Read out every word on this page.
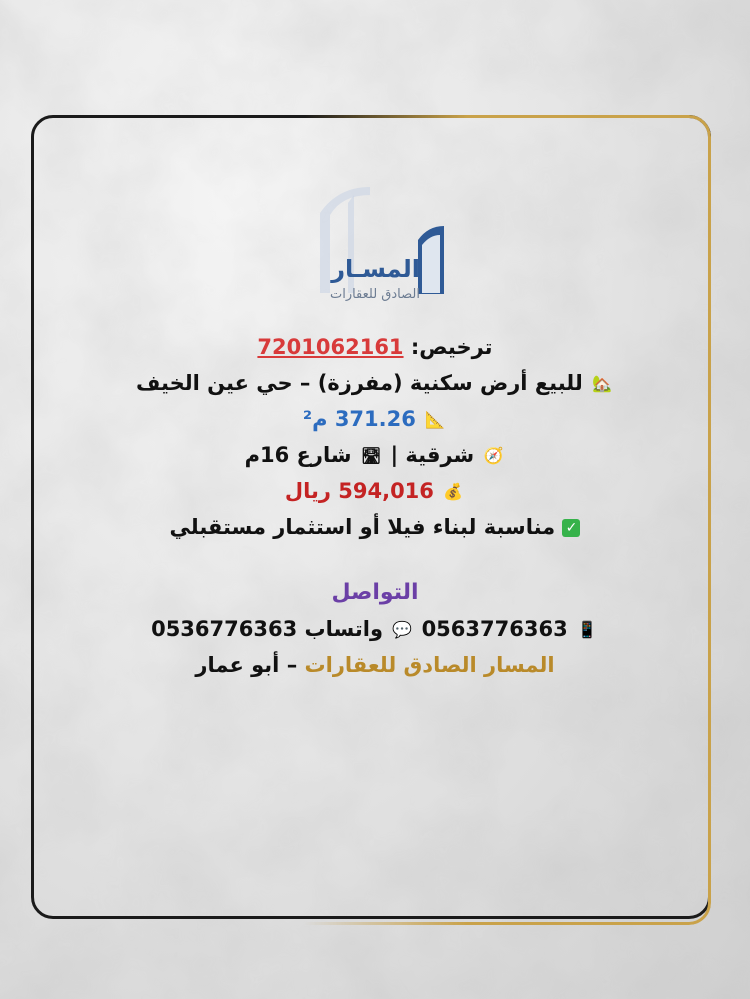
المسـار
الصادق للعقارات
ترخيص: 7201062161
🏡 للبيع أرض سكنية (مفرزة) – حي عين الخيف
📐 371.26 م²
🧭 شرقية | 🛣 شارع 16م
💰 594,016 ريال
✓ مناسبة لبناء فيلا أو استثمار مستقبلي
التواصل
📱 0563776363 💬 واتساب 0536776363
المسار الصادق للعقارات – أبو عمار
